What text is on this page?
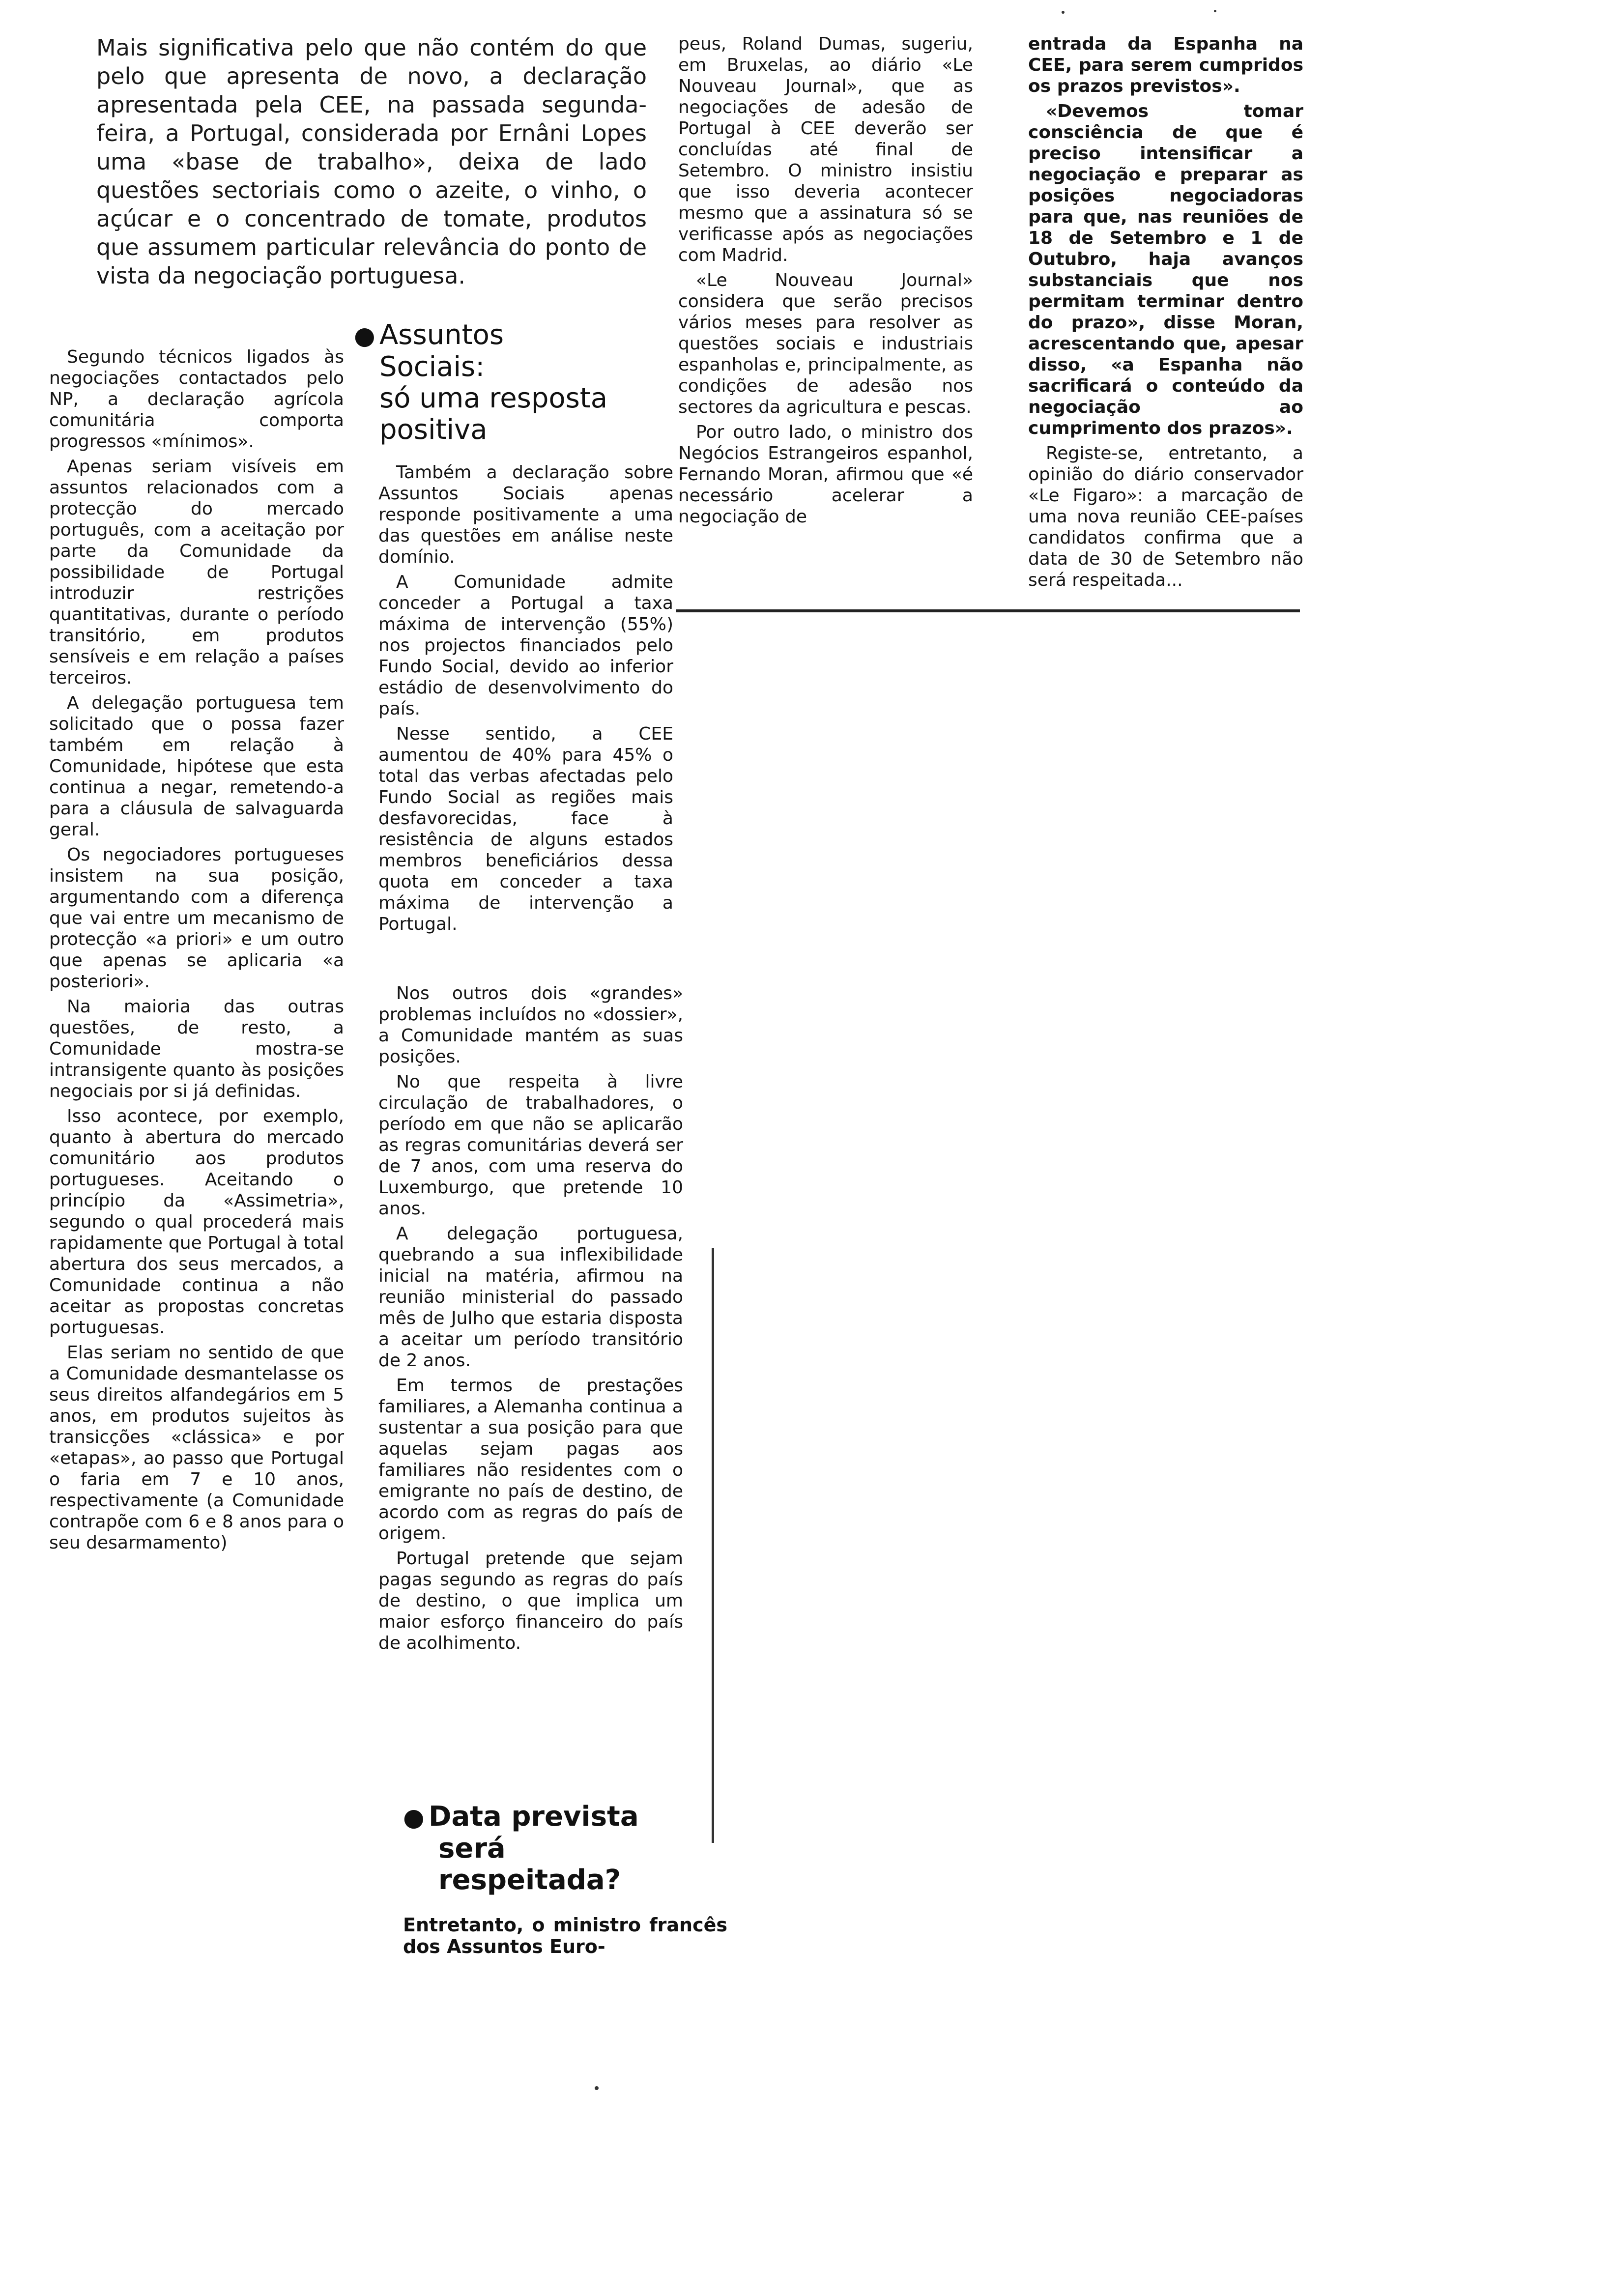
Mais significativa pelo que não contém do que pelo que apresenta de novo, a declaração apresentada pela CEE, na passada segunda-feira, a Portugal, considerada por Ernâni Lopes uma «base de trabalho», deixa de lado questões sectoriais como o azeite, o vinho, o açúcar e o concentrado de tomate, produtos que assumem particular relevância do ponto de vista da negociação portuguesa.

Segundo técnicos ligados às negociações contactados pelo NP, a declaração agrícola comunitária comporta progressos «mínimos».

Apenas seriam visíveis em assuntos relacionados com a protecção do mercado português, com a aceitação por parte da Comunidade da possibilidade de Portugal introduzir restrições quantitativas, durante o período transitório, em produtos sensíveis e em relação a países terceiros.

A delegação portuguesa tem solicitado que o possa fazer também em relação à Comunidade, hipótese que esta continua a negar, remetendo-a para a cláusula de salvaguarda geral.

Os negociadores portugueses insistem na sua posição, argumentando com a diferença que vai entre um mecanismo de protecção «a priori» e um outro que apenas se aplicaria «a posteriori».

Na maioria das outras questões, de resto, a Comunidade mostra-se intransigente quanto às posições negociais por si já definidas.

Isso acontece, por exemplo, quanto à abertura do mercado comunitário aos produtos portugueses. Aceitando o princípio da «Assimetria», segundo o qual procederá mais rapidamente que Portugal à total abertura dos seus mercados, a Comunidade continua a não aceitar as propostas concretas portuguesas.

Elas seriam no sentido de que a Comunidade desmantelasse os seus direitos alfandegários em 5 anos, em produtos sujeitos às transicções «clássica» e por «etapas», ao passo que Portugal o faria em 7 e 10 anos, respectivamente (a Comunidade contrapõe com 6 e 8 anos para o seu desarmamento)

● Assuntos
Sociais:
só uma resposta
positiva

Também a declaração sobre Assuntos Sociais apenas responde positivamente a uma das questões em análise neste domínio.

A Comunidade admite conceder a Portugal a taxa máxima de intervenção (55%) nos projectos financiados pelo Fundo Social, devido ao inferior estádio de desenvolvimento do país.

Nesse sentido, a CEE aumentou de 40% para 45% o total das verbas afectadas pelo Fundo Social as regiões mais desfavorecidas, face à resistência de alguns estados membros beneficiários dessa quota em conceder a taxa máxima de intervenção a Portugal.

Nos outros dois «grandes» problemas incluídos no «dossier», a Comunidade mantém as suas posições.

No que respeita à livre circulação de trabalhadores, o período em que não se aplicarão as regras comunitárias deverá ser de 7 anos, com uma reserva do Luxemburgo, que pretende 10 anos.

A delegação portuguesa, quebrando a sua inflexibilidade inicial na matéria, afirmou na reunião ministerial do passado mês de Julho que estaria disposta a aceitar um período transitório de 2 anos.

Em termos de prestações familiares, a Alemanha continua a sustentar a sua posição para que aquelas sejam pagas aos familiares não residentes com o emigrante no país de destino, de acordo com as regras do país de origem.

Portugal pretende que sejam pagas segundo as regras do país de destino, o que implica um maior esforço financeiro do país de acolhimento.

● Data prevista
será
respeitada?
Entretanto, o ministro francês dos Assuntos Euro-

peus, Roland Dumas, sugeriu, em Bruxelas, ao diário «Le Nouveau Journal», que as negociações de adesão de Portugal à CEE deverão ser concluídas até final de Setembro. O ministro insistiu que isso deveria acontecer mesmo que a assinatura só se verificasse após as negociações com Madrid.

«Le Nouveau Journal» considera que serão precisos vários meses para resolver as questões sociais e industriais espanholas e, principalmente, as condições de adesão nos sectores da agricultura e pescas.

Por outro lado, o ministro dos Negócios Estrangeiros espanhol, Fernando Moran, afirmou que «é necessário acelerar a negociação de

entrada da Espanha na CEE, para serem cumpridos os prazos previstos».

«Devemos tomar consciência de que é preciso intensificar a negociação e preparar as posições negociadoras para que, nas reuniões de 18 de Setembro e 1 de Outubro, haja avanços substanciais que nos permitam terminar dentro do prazo», disse Moran, acrescentando que, apesar disso, «a Espanha não sacrificará o conteúdo da negociação ao cumprimento dos prazos».

Registe-se, entretanto, a opinião do diário conservador «Le Figaro»: a marcação de uma nova reunião CEE-países candidatos confirma que a data de 30 de Setembro não será respeitada...
